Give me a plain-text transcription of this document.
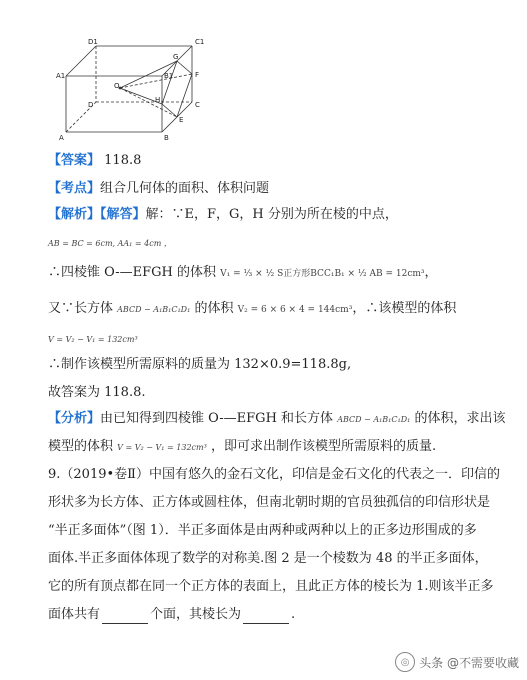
D1	C1
A1	B1
D	C
A	B
O
E
F
G
H
【答案】 118.8
【考点】组合几何体的面积、体积问题
【解析】【解答】解：∵E，F，G，H 分别为所在棱的中点，
AB = BC = 6cm, AA₁ = 4cm ，
∴四棱锥 O-—EFGH 的体积 V₁ = ⅓ × ½ S正方形BCC₁B₁ × ½ AB = 12cm³，
又∵长方体 ABCD − A₁B₁C₁D₁ 的体积 V₂ = 6 × 6 × 4 = 144cm³，∴该模型的体积
V = V₂ − V₁ = 132cm³
∴制作该模型所需原料的质量为 132×0.9=118.8g,
故答案为 118.8.
【分析】由已知得到四棱锥 O-—EFGH 和长方体 ABCD − A₁B₁C₁D₁ 的体积，求出该
模型的体积 V = V₂ − V₁ = 132cm³ ，即可求出制作该模型所需原料的质量.
9.（2019•卷Ⅱ）中国有悠久的金石文化，印信是金石文化的代表之一．印信的
形状多为长方体、正方体或圆柱体，但南北朝时期的官员独孤信的印信形状是
“半正多面体”（图 1）．半正多面体是由两种或两种以上的正多边形围成的多
面体.半正多面体体现了数学的对称美.图 2 是一个棱数为 48 的半正多面体，
它的所有顶点都在同一个正方体的表面上，且此正方体的棱长为 1.则该半正多
面体共有	个面，其棱长为	.
◎ 头条 @不需要收藏
